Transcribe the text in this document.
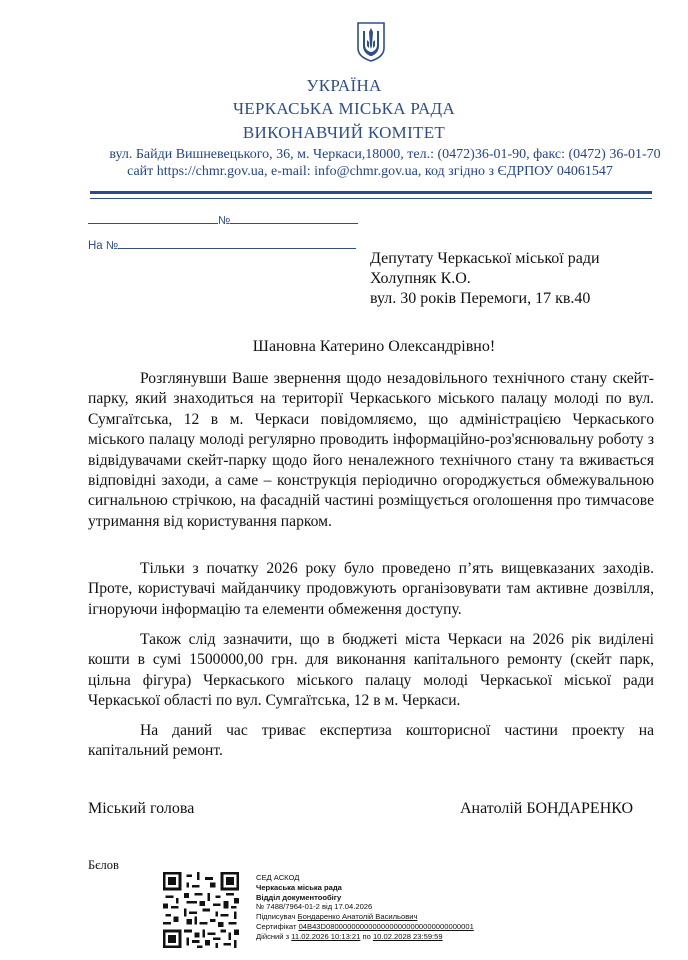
УКРАЇНА
ЧЕРКАСЬКА МІСЬКА РАДА
ВИКОНАВЧИЙ КОМІТЕТ
вул. Байди Вишневецького, 36, м. Черкаси,18000, тел.: (0472)36-01-90, факс: (0472) 36-01-70
сайт https://chmr.gov.ua, е-mail: info@chmr.gov.ua, код згідно з ЄДРПОУ 04061547
№
На №
Депутату Черкаської міської ради
Холупняк К.О.
вул. 30 років Перемоги, 17 кв.40
Шановна Катерино Олександрівно!

Розглянувши Ваше звернення щодо незадовільного технічного стану скейт-парку, який знаходиться на території Черкаського міського палацу молоді по вул. Сумгаїтська, 12 в м. Черкаси повідомляємо, що адміністрацією Черкаського міського палацу молоді регулярно проводить інформаційно-роз'яснювальну роботу з відвідувачами скейт-парку щодо його неналежного технічного стану та вживається відповідні заходи, а саме – конструкція періодично огороджується обмежувальною сигнальною стрічкою, на фасадній частині розміщується оголошення про тимчасове утримання від користування парком.

Тільки з початку 2026 року було проведено п’ять вищевказаних заходів. Проте, користувачі майданчику продовжують організовувати там активне дозвілля, ігноруючи інформацію та елементи обмеження доступу.

Також слід зазначити, що в бюджеті міста Черкаси на 2026 рік виділені кошти в сумі 1500000,00 грн. для виконання капітального ремонту (скейт парк, цільна фігура) Черкаського міського палацу молоді Черкаської міської ради Черкаської області по вул. Сумгаїтська, 12 в м. Черкаси.

На даний час триває експертиза кошторисної частини проекту на капітальний ремонт.

Міський голова	Анатолій БОНДАРЕНКО
Бєлов
СЕД АСКОД
Черкаська міська рада
Відділ документообігу
№ 7488/7964-01-2 від 17.04.2026
Підписувач Бондаренко Анатолій Васильович
Сертифікат 04B43D08000000000000000000000000000000001
Дійсний з 11.02.2026 10:13:21 по 10.02.2028 23:59:59
